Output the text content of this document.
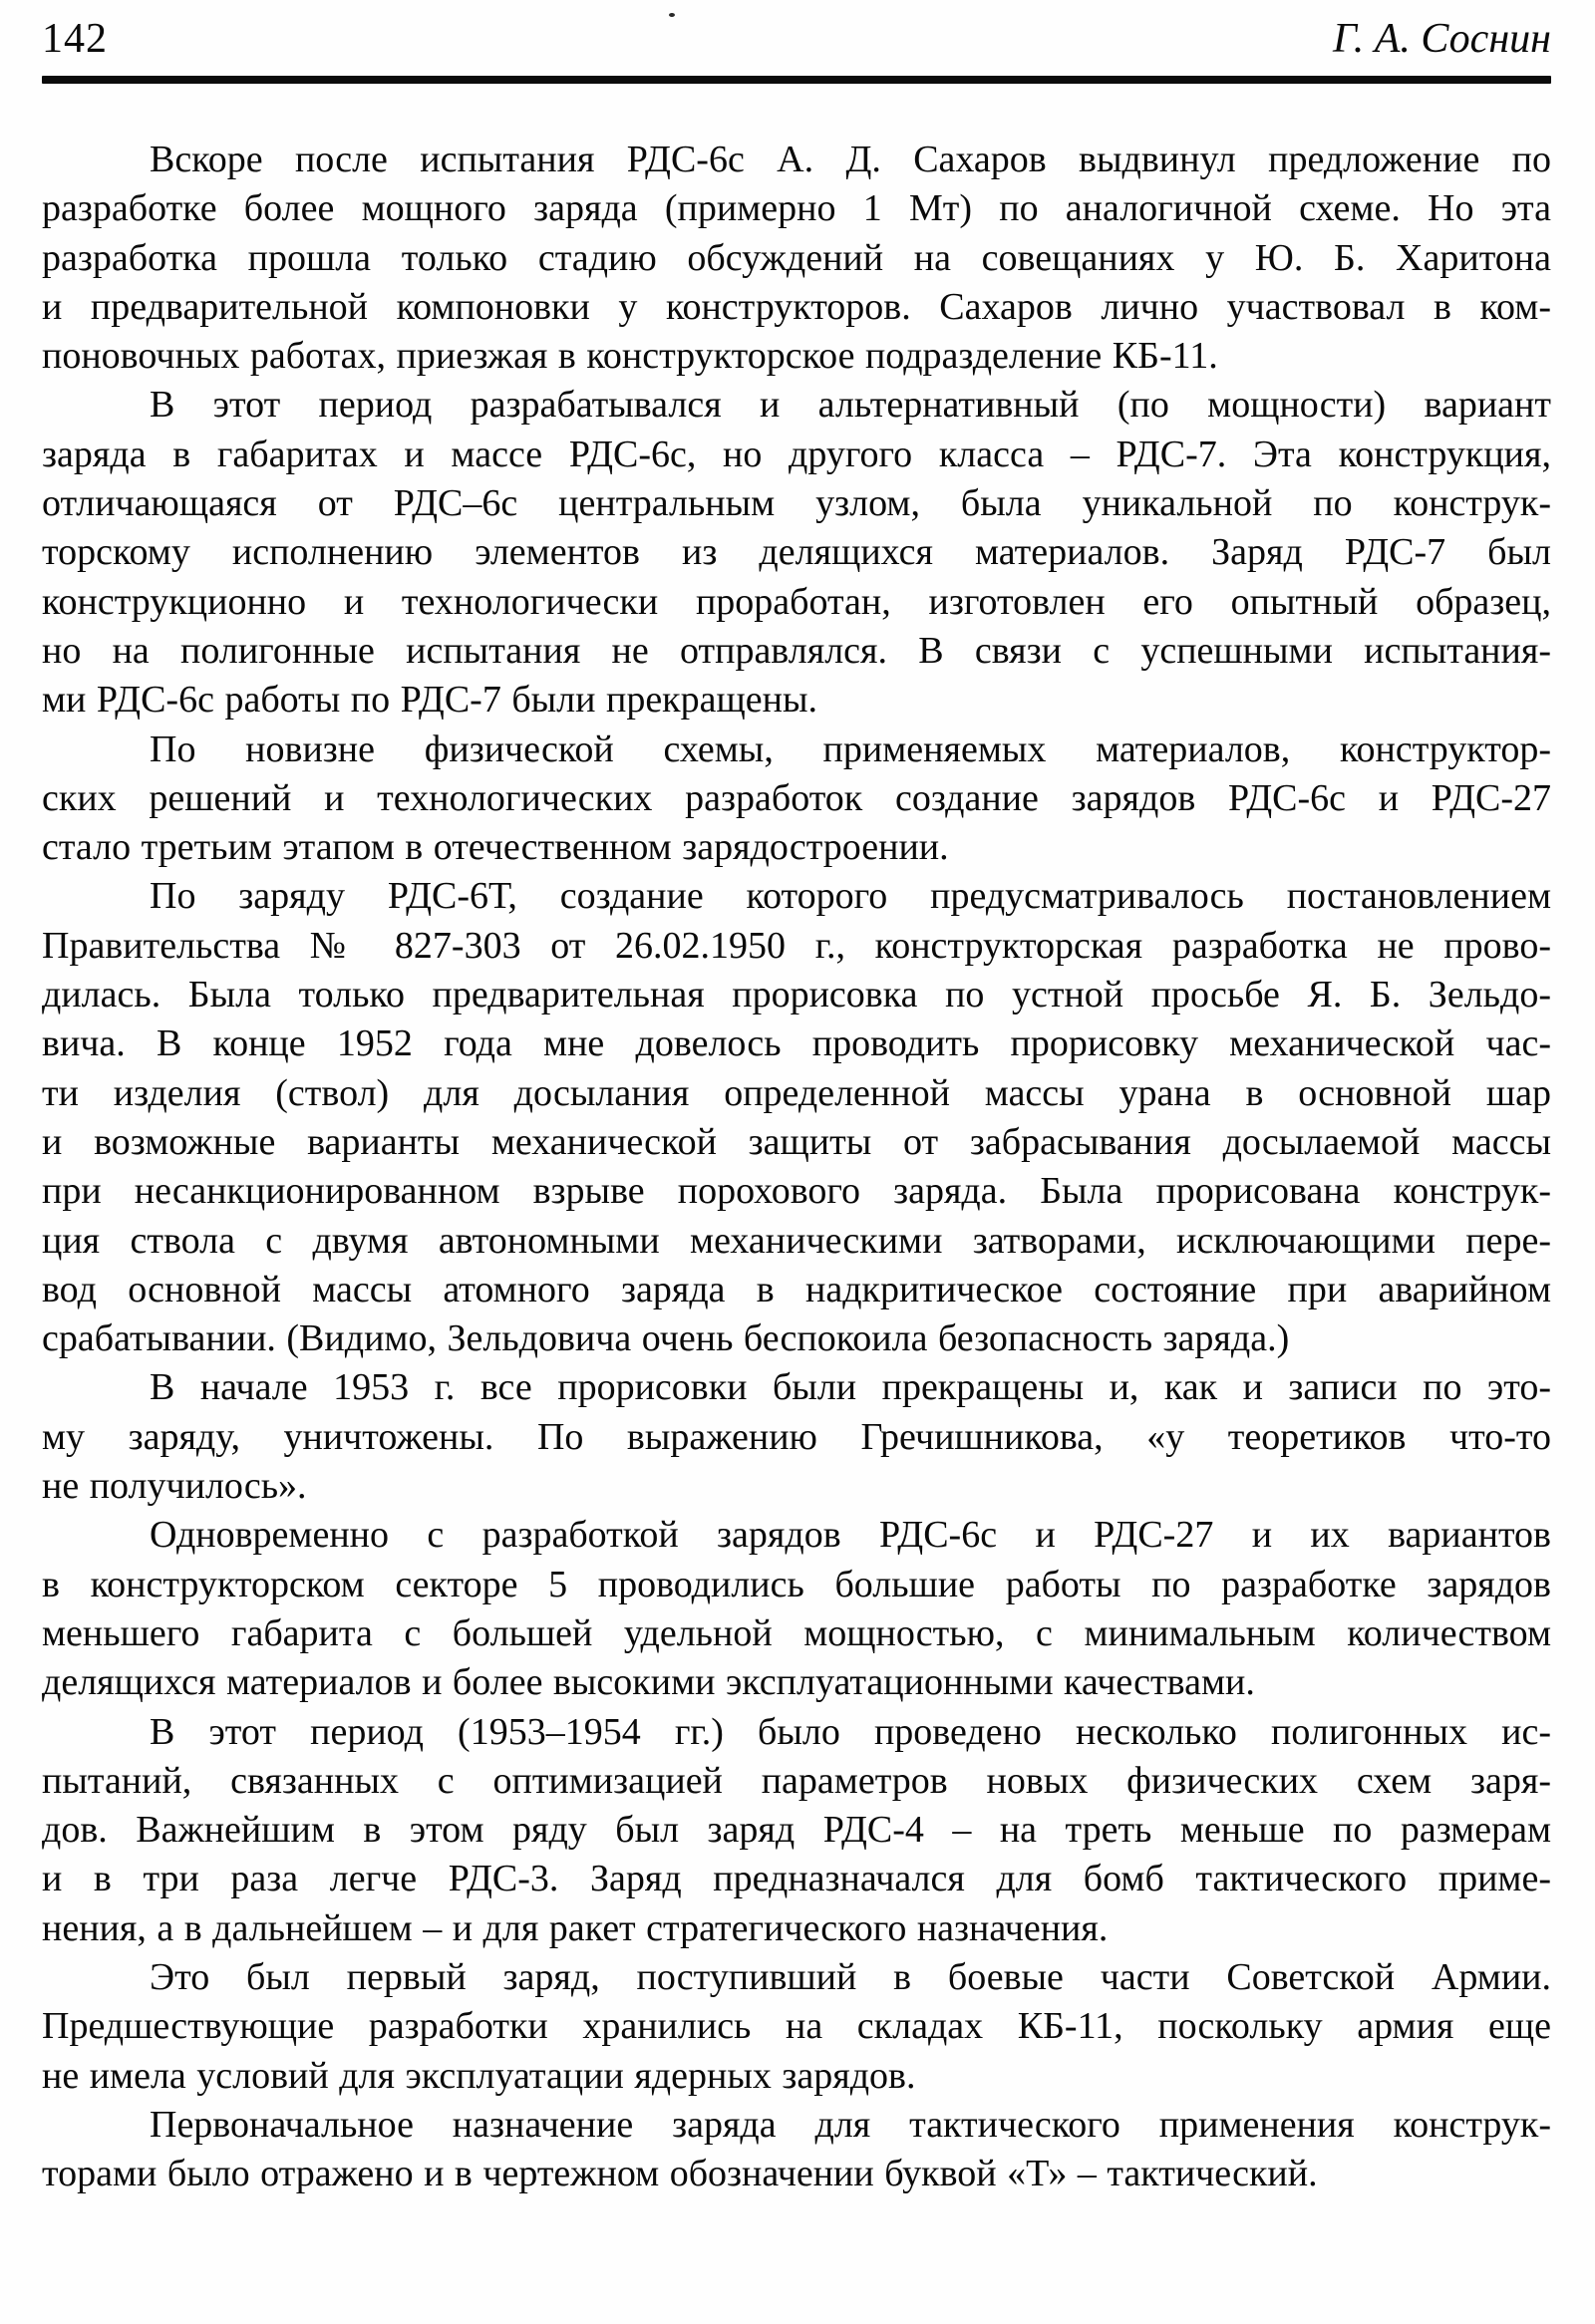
142	Г. А. Соснин
Вскоре после испытания РДС-6с А. Д. Сахаров выдвинул предложение по
разработке более мощного заряда (примерно 1 Мт) по аналогичной схеме. Но эта
разработка прошла только стадию обсуждений на совещаниях у Ю. Б. Харитона
и предварительной компоновки у конструкторов. Сахаров лично участвовал в ком-
поновочных работах, приезжая в конструкторское подразделение КБ-11.
В этот период разрабатывался и альтернативный (по мощности) вариант
заряда в габаритах и массе РДС-6с, но другого класса – РДС-7. Эта конструкция,
отличающаяся от РДС–6с центральным узлом, была уникальной по конструк-
торскому исполнению элементов из делящихся материалов. Заряд РДС-7 был
конструкционно и технологически проработан, изготовлен его опытный образец,
но на полигонные испытания не отправлялся. В связи с успешными испытания-
ми РДС-6с работы по РДС-7 были прекращены.
По новизне физической схемы, применяемых материалов, конструктор-
ских решений и технологических разработок создание зарядов РДС-6с и РДС-27
стало третьим этапом в отечественном зарядостроении.
По заряду РДС-6Т, создание которого предусматривалось постановлением
Правительства № 827-303 от 26.02.1950 г., конструкторская разработка не прово-
дилась. Была только предварительная прорисовка по устной просьбе Я. Б. Зельдо-
вича. В конце 1952 года мне довелось проводить прорисовку механической час-
ти изделия (ствол) для досылания определенной массы урана в основной шар
и возможные варианты механической защиты от забрасывания досылаемой массы
при несанкционированном взрыве порохового заряда. Была прорисована конструк-
ция ствола с двумя автономными механическими затворами, исключающими пере-
вод основной массы атомного заряда в надкритическое состояние при аварийном
срабатывании. (Видимо, Зельдовича очень беспокоила безопасность заряда.)
В начале 1953 г. все прорисовки были прекращены и, как и записи по это-
му заряду, уничтожены. По выражению Гречишникова, «у теоретиков что-то
не получилось».
Одновременно с разработкой зарядов РДС-6с и РДС-27 и их вариантов
в конструкторском секторе 5 проводились большие работы по разработке зарядов
меньшего габарита с большей удельной мощностью, с минимальным количеством
делящихся материалов и более высокими эксплуатационными качествами.
В этот период (1953–1954 гг.) было проведено несколько полигонных ис-
пытаний, связанных с оптимизацией параметров новых физических схем заря-
дов. Важнейшим в этом ряду был заряд РДС-4 – на треть меньше по размерам
и в три раза легче РДС-3. Заряд предназначался для бомб тактического приме-
нения, а в дальнейшем – и для ракет стратегического назначения.
Это был первый заряд, поступивший в боевые части Советской Армии.
Предшествующие разработки хранились на складах КБ-11, поскольку армия еще
не имела условий для эксплуатации ядерных зарядов.
Первоначальное назначение заряда для тактического применения конструк-
торами было отражено и в чертежном обозначении буквой «Т» – тактический.
